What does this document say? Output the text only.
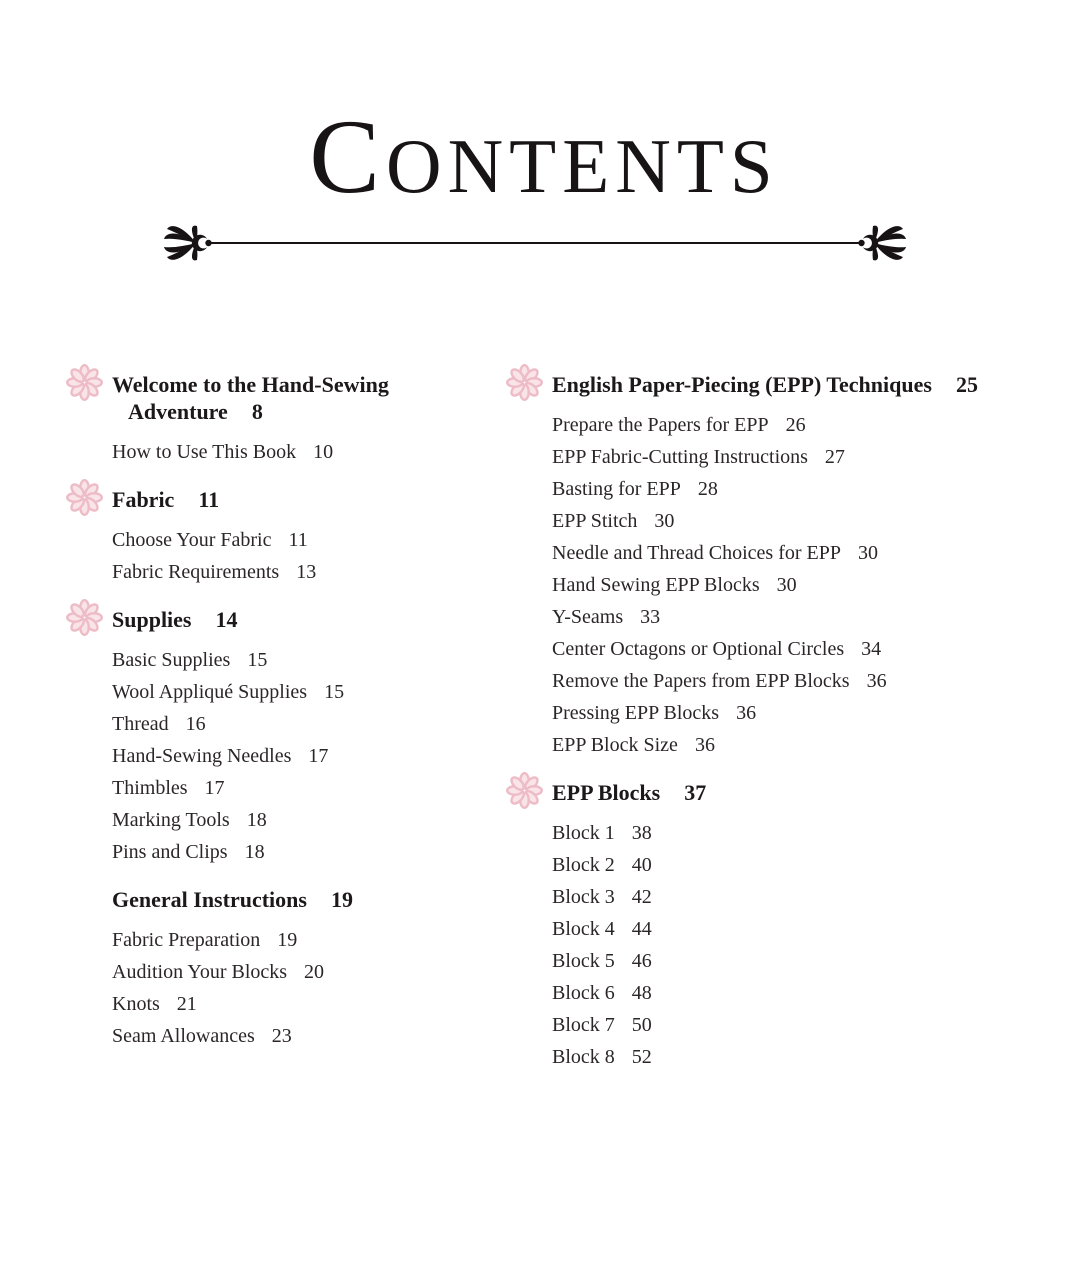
CONTENTS
Welcome to the Hand-Sewing
Adventure 8
How to Use This Book 10
Fabric 11
Choose Your Fabric 11
Fabric Requirements 13
Supplies 14
Basic Supplies 15
Wool Appliqué Supplies 15
Thread 16
Hand-Sewing Needles 17
Thimbles 17
Marking Tools 18
Pins and Clips 18
General Instructions 19
Fabric Preparation 19
Audition Your Blocks 20
Knots 21
Seam Allowances 23
English Paper-Piecing (EPP) Techniques 25
Prepare the Papers for EPP 26
EPP Fabric-Cutting Instructions 27
Basting for EPP 28
EPP Stitch 30
Needle and Thread Choices for EPP 30
Hand Sewing EPP Blocks 30
Y-Seams 33
Center Octagons or Optional Circles 34
Remove the Papers from EPP Blocks 36
Pressing EPP Blocks 36
EPP Block Size 36
EPP Blocks 37
Block 1 38
Block 2 40
Block 3 42
Block 4 44
Block 5 46
Block 6 48
Block 7 50
Block 8 52
